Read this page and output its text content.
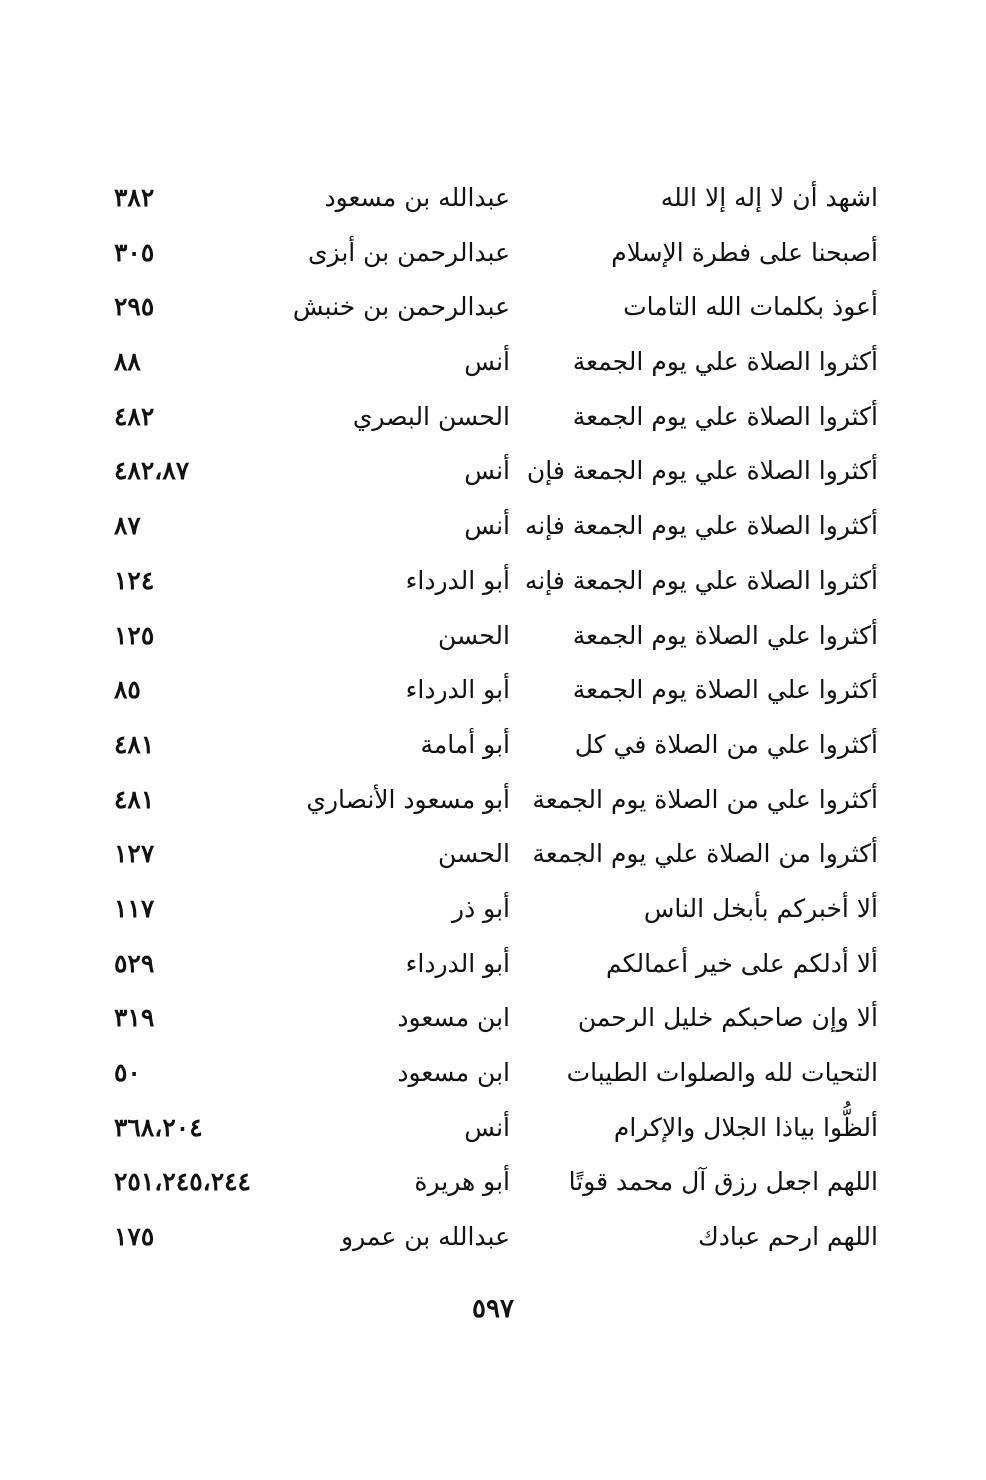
اشهد أن لا إله إلا الله
عبدالله بن مسعود
٣٨٢
أصبحنا على فطرة الإسلام
عبدالرحمن بن أبزى
٣٠٥
أعوذ بكلمات الله التامات
عبدالرحمن بن خنبش
٢٩٥
أكثروا الصلاة علي يوم الجمعة
أنس
٨٨
أكثروا الصلاة علي يوم الجمعة
الحسن البصري
٤٨٢
أكثروا الصلاة علي يوم الجمعة فإن
أنس
٤٨٢،٨٧
أكثروا الصلاة علي يوم الجمعة فإنه
أنس
٨٧
أكثروا الصلاة علي يوم الجمعة فإنه
أبو الدرداء
١٢٤
أكثروا علي الصلاة يوم الجمعة
الحسن
١٢٥
أكثروا علي الصلاة يوم الجمعة
أبو الدرداء
٨٥
أكثروا علي من الصلاة في كل
أبو أمامة
٤٨١
أكثروا علي من الصلاة يوم الجمعة
أبو مسعود الأنصاري
٤٨١
أكثروا من الصلاة علي يوم الجمعة
الحسن
١٢٧
ألا أخبركم بأبخل الناس
أبو ذر
١١٧
ألا أدلكم على خير أعمالكم
أبو الدرداء
٥٢٩
ألا وإن صاحبكم خليل الرحمن
ابن مسعود
٣١٩
التحيات لله والصلوات الطيبات
ابن مسعود
٥٠
ألظُّوا بياذا الجلال والإكرام
أنس
٣٦٨،٢٠٤
اللهم اجعل رزق آل محمد قوتًا
أبو هريرة
٢٥١،٢٤٥،٢٤٤
اللهم ارحم عبادك
عبدالله بن عمرو
١٧٥
٥٩٧
